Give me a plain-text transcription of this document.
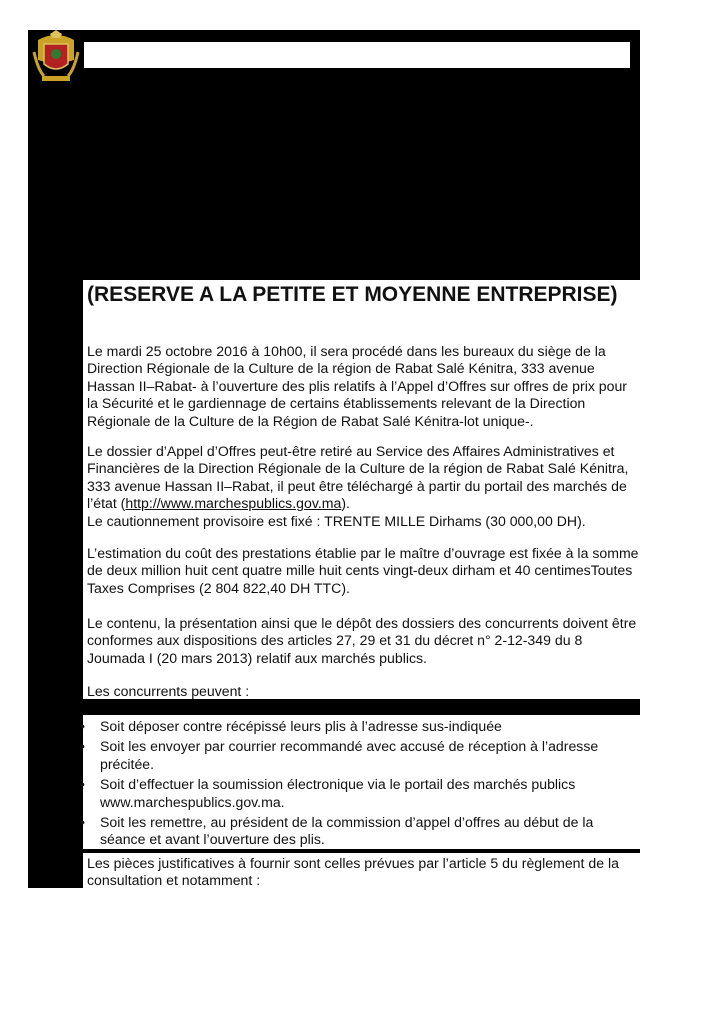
(RESERVE A LA PETITE ET MOYENNE ENTREPRISE)

Le mardi 25 octobre 2016 à 10h00, il sera procédé dans les bureaux du siège de la Direction Régionale de la Culture de la région de Rabat Salé Kénitra, 333 avenue Hassan II–Rabat- à l’ouverture des plis relatifs à l’Appel d’Offres sur offres de prix pour la Sécurité et le gardiennage de certains établissements relevant de la Direction Régionale de la Culture de la Région de Rabat Salé Kénitra-lot unique-.

Le dossier d’Appel d’Offres peut-être retiré au Service des Affaires Administratives et Financières de la Direction Régionale de la Culture de la région de Rabat Salé Kénitra, 333 avenue Hassan II–Rabat, il peut être téléchargé à partir du portail des marchés de l’état (http://www.marchespublics.gov.ma).
Le cautionnement provisoire est fixé : TRENTE MILLE Dirhams (30 000,00 DH).

L’estimation du coût des prestations établie par le maître d’ouvrage est fixée à la somme de deux million huit cent quatre mille huit cents vingt-deux dirham et 40 centimesToutes Taxes Comprises (2 804 822,40 DH TTC).

Le contenu, la présentation ainsi que le dépôt des dossiers des concurrents doivent être conformes aux dispositions des articles 27, 29 et 31 du décret n° 2-12-349 du 8 Joumada I (20 mars 2013) relatif aux marchés publics.

Les concurrents peuvent :

• Soit déposer contre récépissé leurs plis à l’adresse sus-indiquée
• Soit les envoyer par courrier recommandé avec accusé de réception à l’adresse précitée.
• Soit d’effectuer la soumission électronique via le portail des marchés publics www.marchespublics.gov.ma.
• Soit les remettre, au président de la commission d’appel d’offres au début de la séance et avant l’ouverture des plis.

Les pièces justificatives à fournir sont celles prévues par l’article 5 du règlement de la consultation et notamment :
